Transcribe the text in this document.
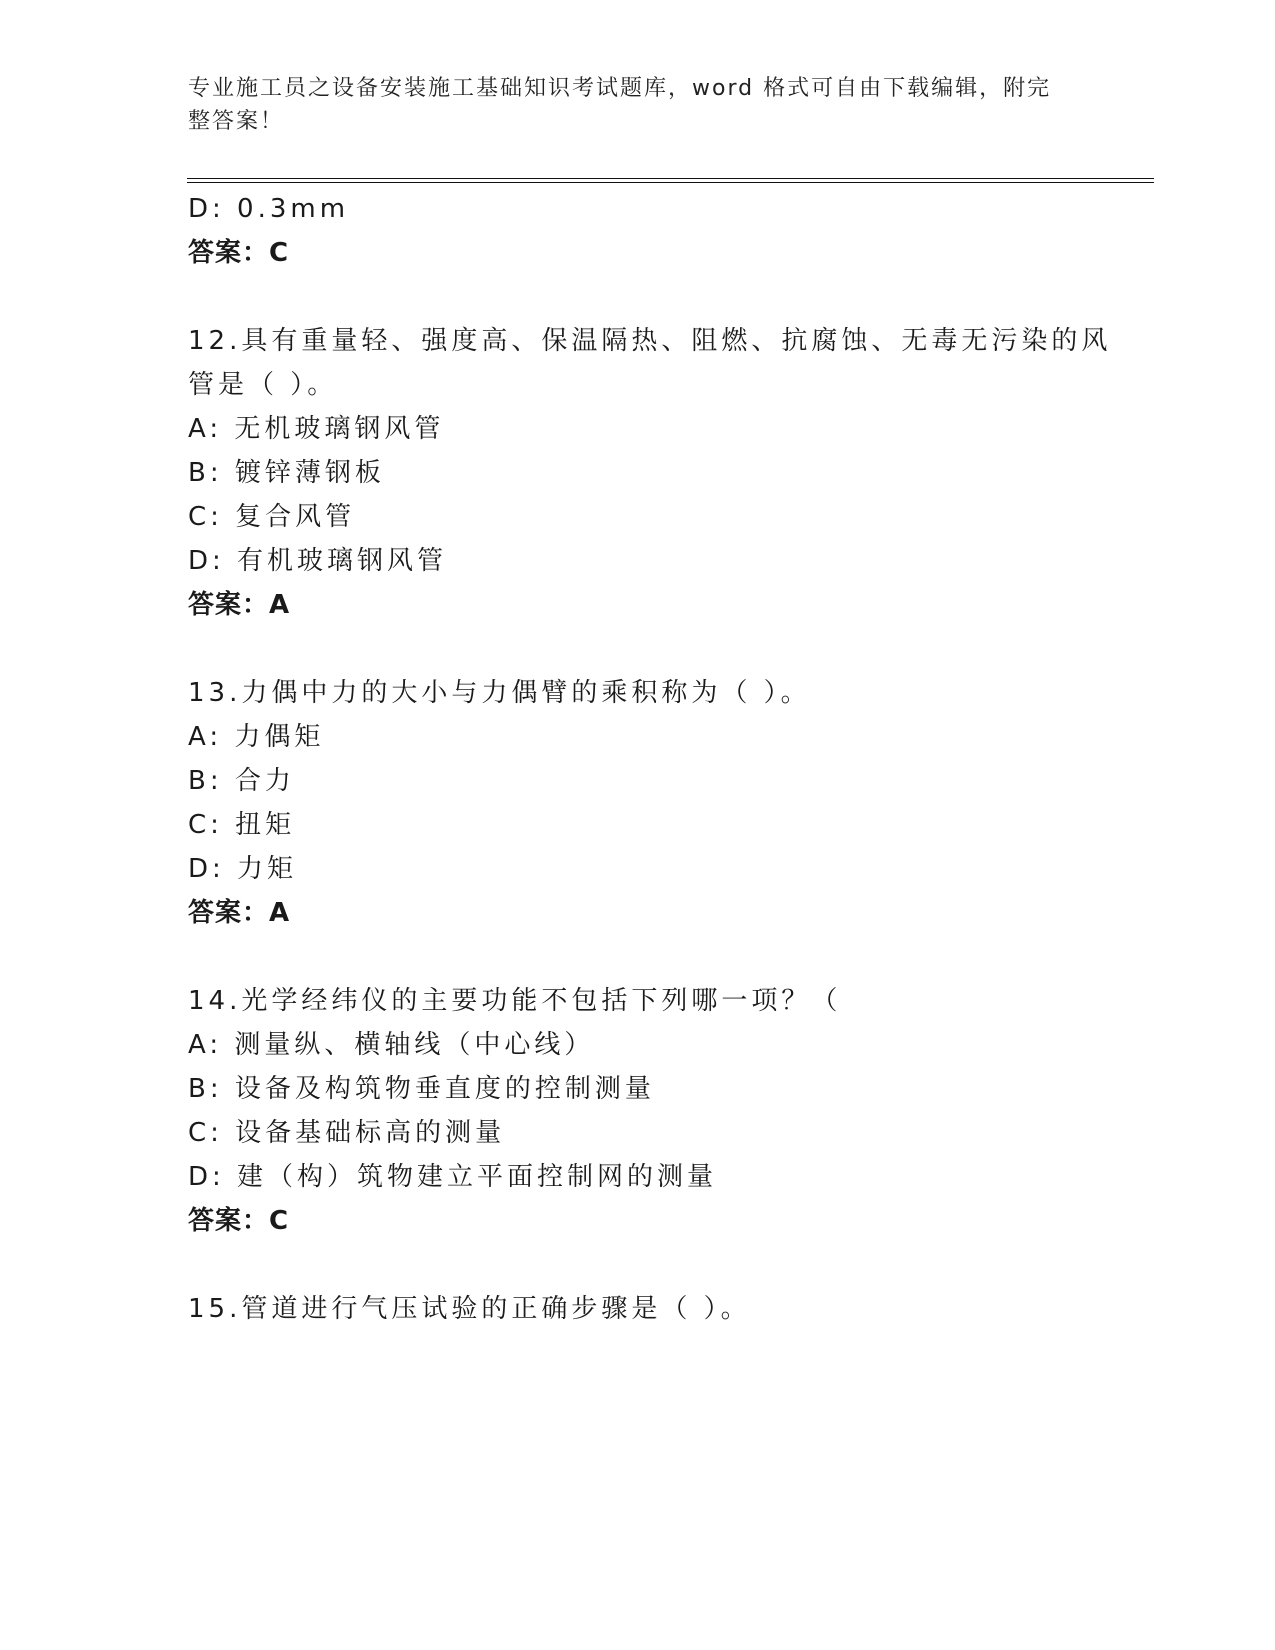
专业施工员之设备安装施工基础知识考试题库，word 格式可自由下载编辑，附完整答案！
D: 0.3mm
答案：C
12.具有重量轻、强度高、保温隔热、阻燃、抗腐蚀、无毒无污染的风
管是（ ）。
A: 无机玻璃钢风管
B: 镀锌薄钢板
C: 复合风管
D: 有机玻璃钢风管
答案：A
13.力偶中力的大小与力偶臂的乘积称为（ ）。
A: 力偶矩
B: 合力
C: 扭矩
D: 力矩
答案：A
14.光学经纬仪的主要功能不包括下列哪一项？（
A: 测量纵、横轴线（中心线）
B: 设备及构筑物垂直度的控制测量
C: 设备基础标高的测量
D: 建（构）筑物建立平面控制网的测量
答案：C
15.管道进行气压试验的正确步骤是（ ）。
